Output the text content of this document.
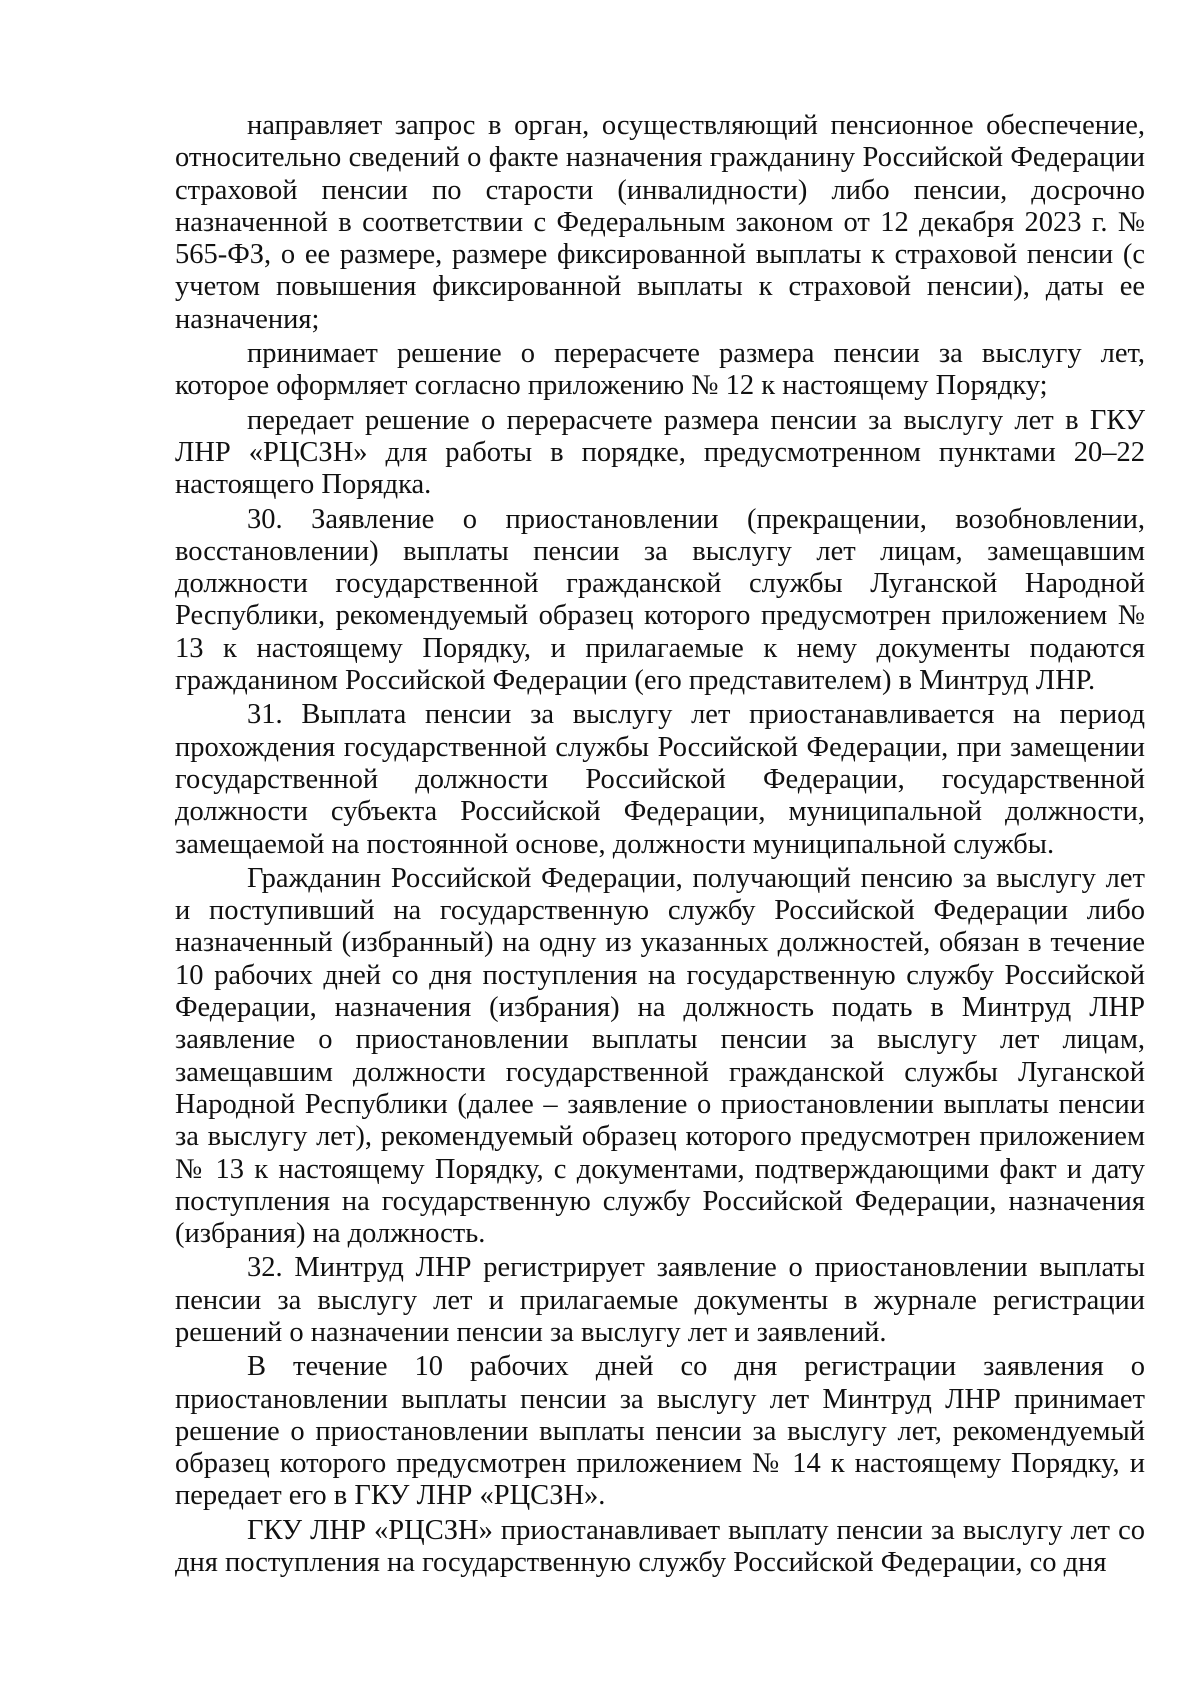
направляет запрос в орган, осуществляющий пенсионное обеспечение, относительно сведений о факте назначения гражданину Российской Федерации страховой пенсии по старости (инвалидности) либо пенсии, досрочно назначенной в соответствии с Федеральным законом от 12 декабря 2023 г. № 565-ФЗ, о ее размере, размере фиксированной выплаты к страховой пенсии (с учетом повышения фиксированной выплаты к страховой пенсии), даты ее назначения;

принимает решение о перерасчете размера пенсии за выслугу лет, которое оформляет согласно приложению № 12 к настоящему Порядку;

передает решение о перерасчете размера пенсии за выслугу лет в ГКУ ЛНР «РЦСЗН» для работы в порядке, предусмотренном пунктами 20–22 настоящего Порядка.

30. Заявление о приостановлении (прекращении, возобновлении, восстановлении) выплаты пенсии за выслугу лет лицам, замещавшим должности государственной гражданской службы Луганской Народной Республики, рекомендуемый образец которого предусмотрен приложением № 13 к настоящему Порядку, и прилагаемые к нему документы подаются гражданином Российской Федерации (его представителем) в Минтруд ЛНР.

31. Выплата пенсии за выслугу лет приостанавливается на период прохождения государственной службы Российской Федерации, при замещении государственной должности Российской Федерации, государственной должности субъекта Российской Федерации, муниципальной должности, замещаемой на постоянной основе, должности муниципальной службы.

Гражданин Российской Федерации, получающий пенсию за выслугу лет и поступивший на государственную службу Российской Федерации либо назначенный (избранный) на одну из указанных должностей, обязан в течение 10 рабочих дней со дня поступления на государственную службу Российской Федерации, назначения (избрания) на должность подать в Минтруд ЛНР заявление о приостановлении выплаты пенсии за выслугу лет лицам, замещавшим должности государственной гражданской службы Луганской Народной Республики (далее – заявление о приостановлении выплаты пенсии за выслугу лет), рекомендуемый образец которого предусмотрен приложением № 13 к настоящему Порядку, с документами, подтверждающими факт и дату поступления на государственную службу Российской Федерации, назначения (избрания) на должность.

32. Минтруд ЛНР регистрирует заявление о приостановлении выплаты пенсии за выслугу лет и прилагаемые документы в журнале регистрации решений о назначении пенсии за выслугу лет и заявлений.

В течение 10 рабочих дней со дня регистрации заявления о приостановлении выплаты пенсии за выслугу лет Минтруд ЛНР принимает решение о приостановлении выплаты пенсии за выслугу лет, рекомендуемый образец которого предусмотрен приложением № 14 к настоящему Порядку, и передает его в ГКУ ЛНР «РЦСЗН».

ГКУ ЛНР «РЦСЗН» приостанавливает выплату пенсии за выслугу лет со дня поступления на государственную службу Российской Федерации, со дня
